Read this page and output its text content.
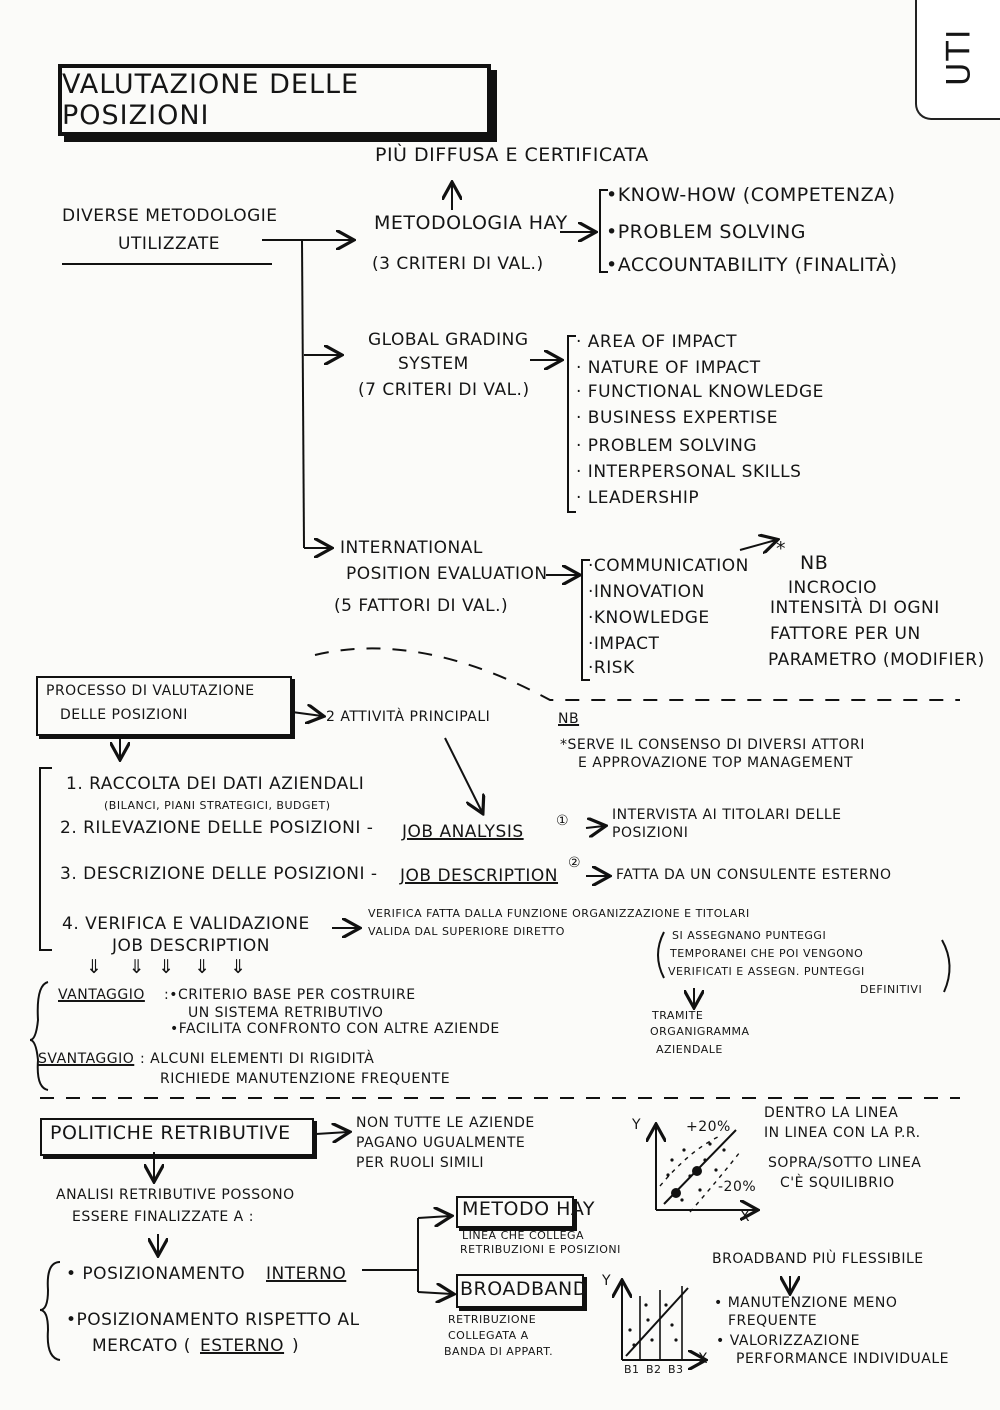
UTI
VALUTAZIONE DELLE POSIZIONI
DIVERSE METODOLOGIE
UTILIZZATE
PIÙ DIFFUSA E CERTIFICATA
METODOLOGIA HAY
(3 CRITERI DI VAL.)
•KNOW-HOW (COMPETENZA)
•PROBLEM SOLVING
•ACCOUNTABILITY (FINALITÀ)
GLOBAL GRADING
SYSTEM
(7 CRITERI DI VAL.)
· AREA OF IMPACT
· NATURE OF IMPACT
· FUNCTIONAL KNOWLEDGE
· BUSINESS EXPERTISE
· PROBLEM SOLVING
· INTERPERSONAL SKILLS
· LEADERSHIP
INTERNATIONAL
POSITION EVALUATION
(5 FATTORI DI VAL.)
·COMMUNICATION
·INNOVATION
·KNOWLEDGE
·IMPACT
·RISK
*
NB
INCROCIO
INTENSITÀ DI OGNI
FATTORE PER UN
PARAMETRO (MODIFIER)
PROCESSO DI VALUTAZIONE
DELLE POSIZIONI	2 ATTIVITÀ PRINCIPALI	NB
*SERVE IL CONSENSO DI DIVERSI ATTORI
E APPROVAZIONE TOP MANAGEMENT
1. RACCOLTA DEI DATI AZIENDALI
(BILANCI, PIANI STRATEGICI, BUDGET)
2. RILEVAZIONE DELLE POSIZIONI - JOB ANALYSIS
①	INTERVISTA AI TITOLARI DELLE
POSIZIONI
3. DESCRIZIONE DELLE POSIZIONI - JOB DESCRIPTION
②
FATTA DA UN CONSULENTE ESTERNO
4. VERIFICA E VALIDAZIONE
JOB DESCRIPTION
VERIFICA FATTA DALLA FUNZIONE ORGANIZZAZIONE E TITOLARI
VALIDA DAL SUPERIORE DIRETTO	SI ASSEGNANO PUNTEGGI
TEMPORANEI CHE POI VENGONO
VERIFICATI E ASSEGN. PUNTEGGI
DEFINITIVI
TRAMITE
ORGANIGRAMMA
AZIENDALE
⇓    ⇓  ⇓   ⇓   ⇓
VANTAGGIO :•CRITERIO BASE PER COSTRUIRE
UN SISTEMA RETRIBUTIVO
•FACILITA CONFRONTO CON ALTRE AZIENDE
SVANTAGGIO : ALCUNI ELEMENTI DI RIGIDITÀ
RICHIEDE MANUTENZIONE FREQUENTE
POLITICHE RETRIBUTIVE	NON TUTTE LE AZIENDE
PAGANO UGUALMENTE
PER RUOLI SIMILI
ANALISI RETRIBUTIVE POSSONO
ESSERE FINALIZZATE A :
• POSIZIONAMENTO INTERNO
•POSIZIONAMENTO RISPETTO AL
MERCATO ( ESTERNO )
METODO HAY
LINEA CHE COLLEGA
RETRIBUZIONI E POSIZIONI
BROADBAND
RETRIBUZIONE
COLLEGATA A
BANDA DI APPART.
Y
X
+20%
-20%
DENTRO LA LINEA
IN LINEA CON LA P.R.
SOPRA/SOTTO LINEA
C'È SQUILIBRIO
Y
X
B1 B2 B3
BROADBAND PIÙ FLESSIBILE
• MANUTENZIONE MENO
FREQUENTE
• VALORIZZAZIONE
PERFORMANCE INDIVIDUALE
